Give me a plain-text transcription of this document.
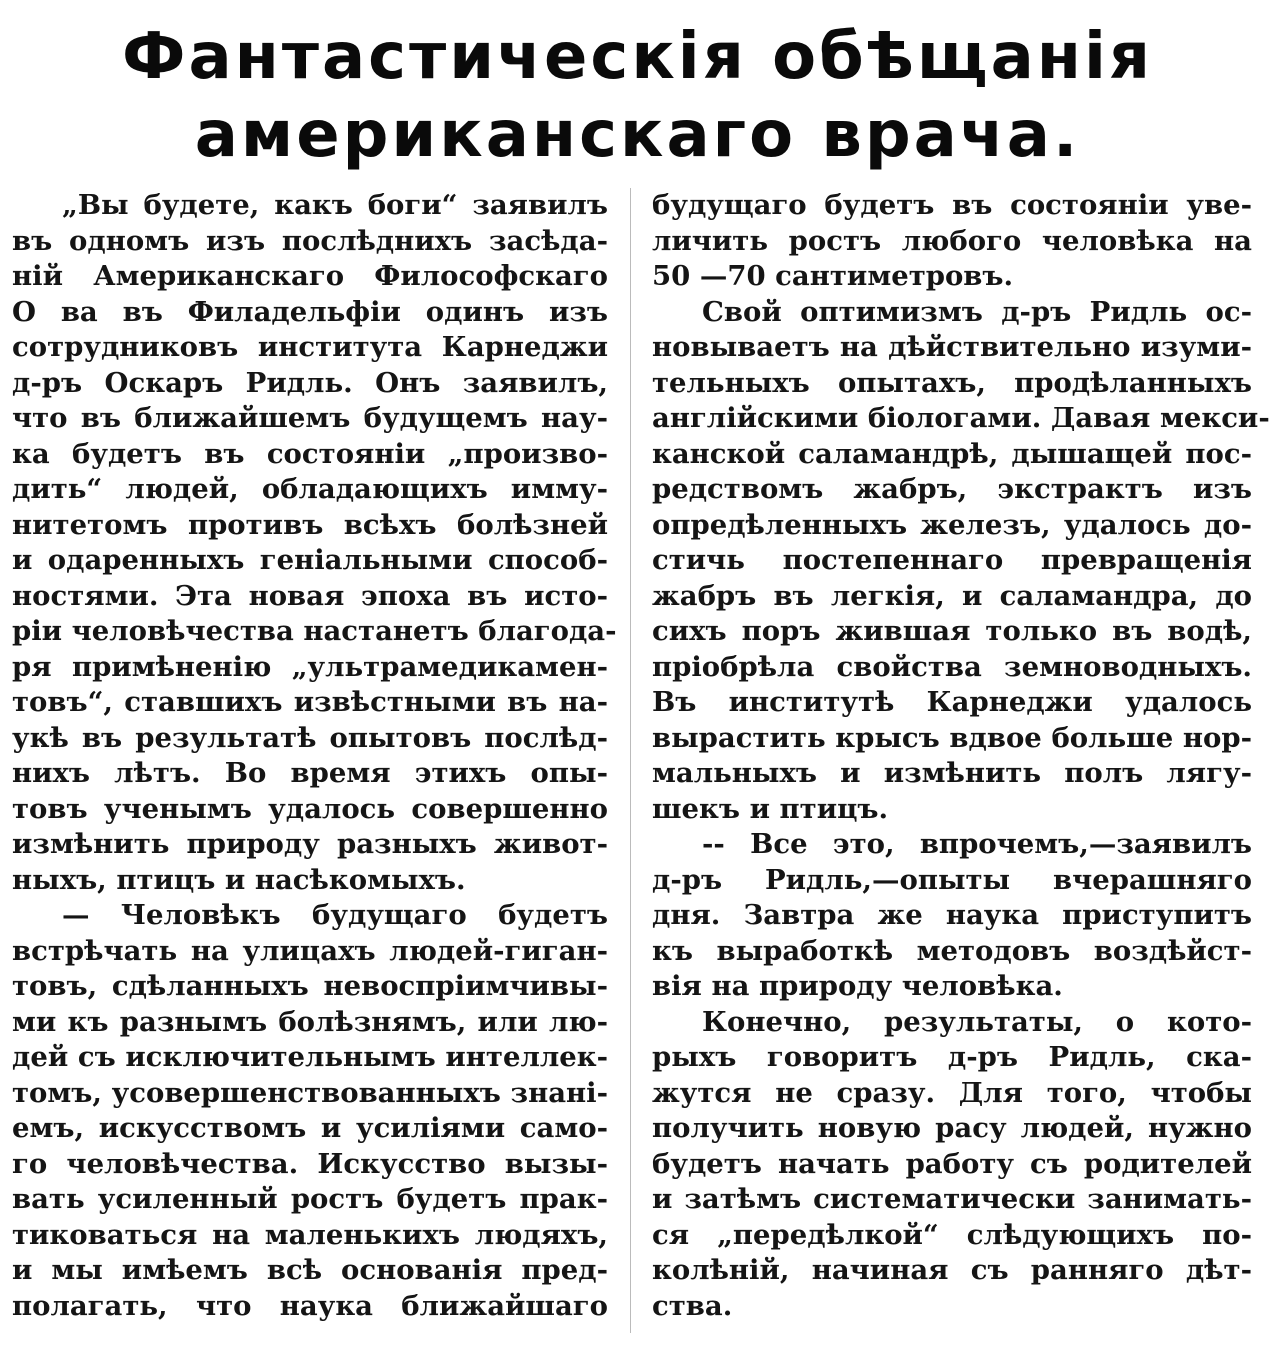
Фантастическія обѣщанія
американскаго врача.
„Вы будете, какъ боги“ заявилъ
въ одномъ изъ послѣднихъ засѣда-
ній Американскаго Философскаго
О ва въ Филадельфіи одинъ изъ
сотрудниковъ института Карнеджи
д-ръ Оскаръ Ридль. Онъ заявилъ,
что въ ближайшемъ будущемъ нау-
ка будетъ въ состояніи „произво-
дить“ людей, обладающихъ имму-
нитетомъ противъ всѣхъ болѣзней
и одаренныхъ геніальными способ-
ностями. Эта новая эпоха въ исто-
ріи человѣчества настанетъ благода-
ря примѣненію „ультрамедикамен-
товъ“, ставшихъ извѣстными въ на-
укѣ въ результатѣ опытовъ послѣд-
нихъ лѣтъ. Во время этихъ опы-
товъ ученымъ удалось совершенно
измѣнить природу разныхъ живот-
ныхъ, птицъ и насѣкомыхъ.
— Человѣкъ будущаго будетъ
встрѣчать на улицахъ людей-гиган-
товъ, сдѣланныхъ невоспріимчивы-
ми къ разнымъ болѣзнямъ, или лю-
дей съ исключительнымъ интеллек-
томъ, усовершенствованныхъ знані-
емъ, искусствомъ и усиліями само-
го человѣчества. Искусство вызы-
вать усиленный ростъ будетъ прак-
тиковаться на маленькихъ людяхъ,
и мы имѣемъ всѣ основанія пред-
полагать, что наука ближайшаго
будущаго будетъ въ состояніи уве-
личить ростъ любого человѣка на
50 —70 сантиметровъ.
Свой оптимизмъ д-ръ Ридль ос-
новываетъ на дѣйствительно изуми-
тельныхъ опытахъ, продѣланныхъ
англійскими біологами. Давая мекси-
канской саламандрѣ, дышащей пос-
редствомъ жабръ, экстрактъ изъ
опредѣленныхъ железъ, удалось до-
стичь постепеннаго превращенія
жабръ въ легкія, и саламандра, до
сихъ поръ жившая только въ водѣ,
пріобрѣла свойства земноводныхъ.
Въ институтѣ Карнеджи удалось
вырастить крысъ вдвое больше нор-
мальныхъ и измѣнить полъ лягу-
шекъ и птицъ.
-- Все это, впрочемъ,—заявилъ
д-ръ Ридль,—опыты вчерашняго
дня. Завтра же наука приступитъ
къ выработкѣ методовъ воздѣйст-
вія на природу человѣка.
Конечно, результаты, о кото-
рыхъ говоритъ д-ръ Ридль, ска-
жутся не сразу. Для того, чтобы
получить новую расу людей, нужно
будетъ начать работу съ родителей
и затѣмъ систематически занимать-
ся „передѣлкой“ слѣдующихъ по-
колѣній, начиная съ ранняго дѣт-
ства.
